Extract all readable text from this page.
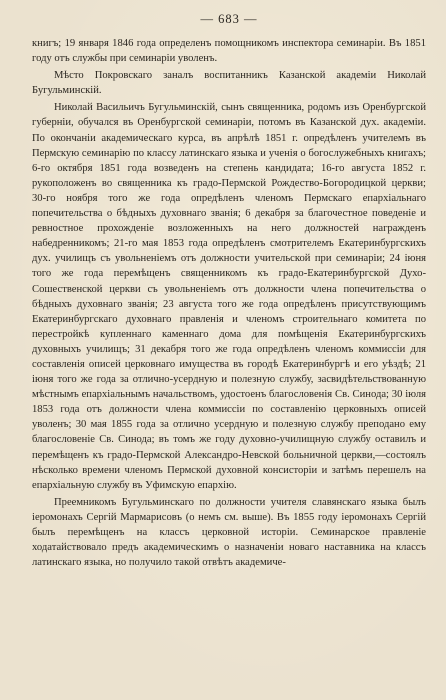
— 683 —

книгъ; 19 января 1846 года определенъ помощникомъ инспектора семинаріи. Въ 1851 году отъ службы при семинаріи уволенъ.

Мѣсто Покровскаго заналъ воспитанникъ Казанской академіи Николай Бугульминскій.

Николай Васильичъ Бугульминскій, сынъ священника, родомъ изъ Оренбургской губерніи, обучался въ Оренбургской семинаріи, потомъ въ Казанской дух. академіи. По окончаніи академическаго курса, въ апрѣлѣ 1851 г. опредѣленъ учителемъ въ Пермскую семинарію по классу латинскаго языка и ученія о богослужебныхъ книгахъ; 6-го октября 1851 года возведенъ на степень кандидата; 16-го августа 1852 г. рукоположенъ во священника къ градо-Пермской Рождество-Богородицкой церкви; 30-го ноября того же года опредѣленъ членомъ Пермскаго епархіальнаго попечительства о бѣдныхъ духовнаго званія; 6 декабря за благочестное поведеніе и ревностное прохожденіе возложенныхъ на него должностей награжденъ набедренникомъ; 21-го мая 1853 года опредѣленъ смотрителемъ Екатеринбургскихъ дух. училищъ съ увольненіемъ отъ должности учительской при семинаріи; 24 іюня того же года перемѣщенъ священникомъ къ градо-Екатеринбургской Духо-Сошественской церкви съ увольненіемъ отъ должности члена попечительства о бѣдныхъ духовнаго званія; 23 августа того же года опредѣленъ присутствующимъ Екатеринбургскаго духовнаго правленія и членомъ строительнаго комитета по перестройкѣ купленнаго каменнаго дома для помѣщенія Екатеринбургскихъ духовныхъ училищъ; 31 декабря того же года опредѣленъ членомъ коммиссіи для составленія описей церковнаго имущества въ городѣ Екатеринбургѣ и его уѣздѣ; 21 іюня того же года за отлично-усердную и полезную службу, засвидѣтельствованную мѣстнымъ епархіальнымъ начальствомъ, удостоенъ благословенія Св. Синода; 30 іюля 1853 года отъ должности члена коммиссіи по составленію церковныхъ описей уволенъ; 30 мая 1855 года за отлично усердную и полезную службу преподано ему благословеніе Св. Синода; въ томъ же году духовно-училищную службу оставилъ и перемѣщенъ къ градо-Пермской Александро-Невской больничной церкви,—состоялъ нѣсколько времени членомъ Пермской духовной консисторіи и затѣмъ перешелъ на епархіальную службу въ Уфимскую епархію.

Преемникомъ Бугульминскаго по должности учителя славянскаго языка былъ іеромонахъ Сергій Мармарисовъ (о немъ см. выше). Въ 1855 году іеромонахъ Сергій былъ перемѣщенъ на классъ церковной исторіи. Семинарское правленіе ходатайствовало предъ академическимъ о назначеніи новаго наставника на классъ латинскаго языка, но получило такой отвѣтъ академиче-
